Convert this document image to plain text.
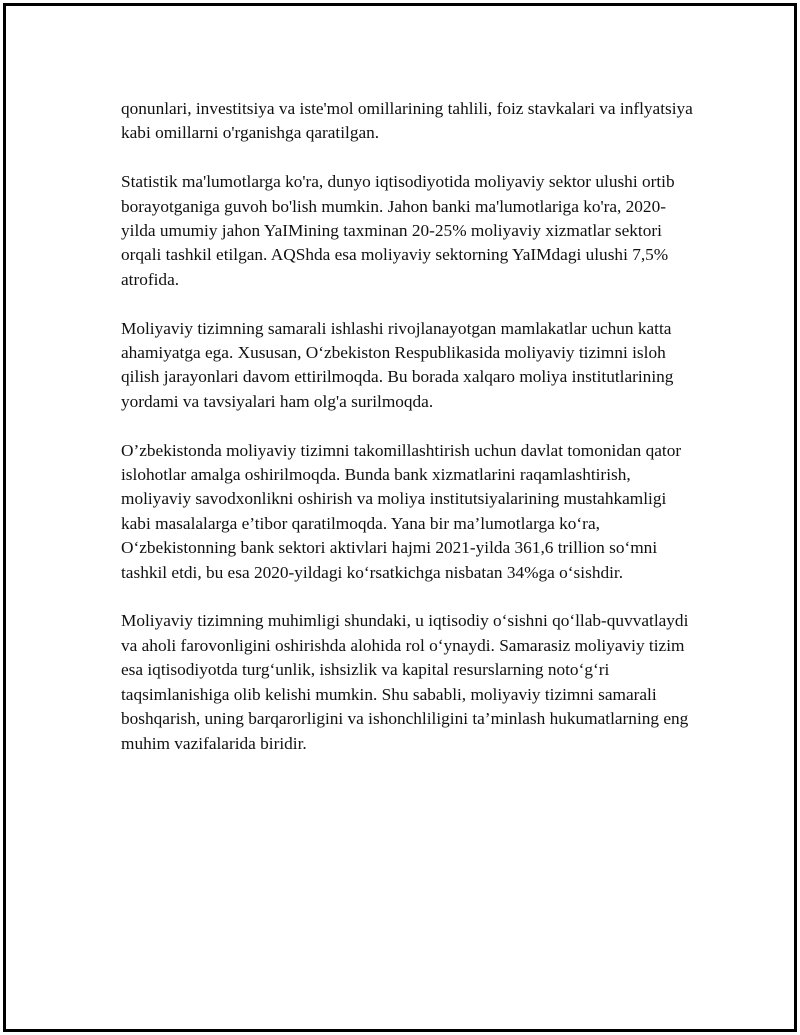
qonunlari, investitsiya va iste'mol omillarining tahlili, foiz stavkalari va inflyatsiya kabi omillarni o'rganishga qaratilgan.

Statistik ma'lumotlarga ko'ra, dunyo iqtisodiyotida moliyaviy sektor ulushi ortib borayotganiga guvoh bo'lish mumkin. Jahon banki ma'lumotlariga ko'ra, 2020-yilda umumiy jahon YaIMining taxminan 20-25% moliyaviy xizmatlar sektori orqali tashkil etilgan. AQShda esa moliyaviy sektorning YaIMdagi ulushi 7,5% atrofida.

Moliyaviy tizimning samarali ishlashi rivojlanayotgan mamlakatlar uchun katta ahamiyatga ega. Xususan, O‘zbekiston Respublikasida moliyaviy tizimni isloh qilish jarayonlari davom ettirilmoqda. Bu borada xalqaro moliya institutlarining yordami va tavsiyalari ham olg'a surilmoqda.

O’zbekistonda moliyaviy tizimni takomillashtirish uchun davlat tomonidan qator islohotlar amalga oshirilmoqda. Bunda bank xizmatlarini raqamlashtirish, moliyaviy savodxonlikni oshirish va moliya institutsiyalarining mustahkamligi kabi masalalarga e’tibor qaratilmoqda. Yana bir ma’lumotlarga ko‘ra, O‘zbekistonning bank sektori aktivlari hajmi 2021-yilda 361,6 trillion so‘mni tashkil etdi, bu esa 2020-yildagi ko‘rsatkichga nisbatan 34%ga o‘sishdir.

Moliyaviy tizimning muhimligi shundaki, u iqtisodiy o‘sishni qo‘llab-quvvatlaydi va aholi farovonligini oshirishda alohida rol o‘ynaydi. Samarasiz moliyaviy tizim esa iqtisodiyotda turg‘unlik, ishsizlik va kapital resurslarning noto‘g‘ri taqsimlanishiga olib kelishi mumkin. Shu sababli, moliyaviy tizimni samarali boshqarish, uning barqarorligini va ishonchliligini ta’minlash hukumatlarning eng muhim vazifalarida biridir.
